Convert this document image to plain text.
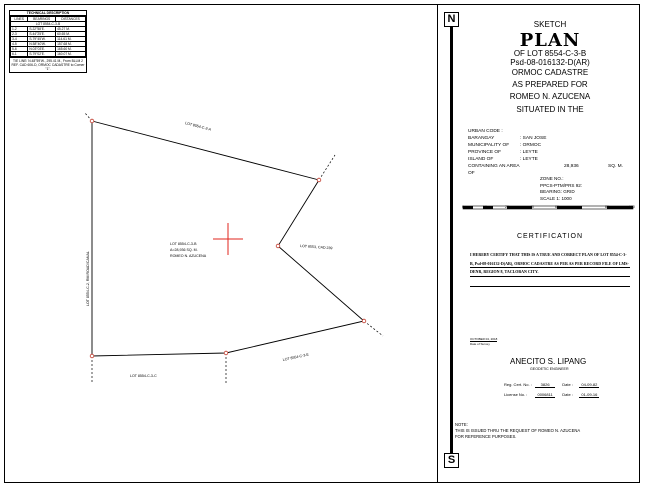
TECHNICAL DESCRIPTION
LINES	BEARINGS	DISTANCES
LOT 8554-C-3-B		
1-2	S.22°58'E.	45.27 M.
2-3	S.44°25'E.	60.65 M.
3-4	S.79°45'W.	114.61 M.
4-5	N.58°40'W.	157.68 M.
5-6	N.03°03'E.	165.60 M.
6-1	S.79°02'E.	160.07 M.
TIE LINE: N.48°59'W., 295.41 M., From BLLM 2 REF. CAD 606-D, ORMOC CADASTRE to Corner "1".
LOT 8554-C-3-B
A=28,936 SQ. M.
ROMEO N. AZUCENA
LOT 8554-C-3-A
LOT 8553, CAD 239
LOT 8554-C-2, RM ROAD/CANAL
LOT 8554-C-3-C
LOT 8554-C-3-E
N
S
SKETCH
PLAN
OF LOT 8554-C-3-B
Psd-08-016132-D(AR)
ORMOC CADASTRE
AS PREPARED FOR
ROMEO N. AZUCENA
SITUATED IN THE
URBAN CODE :
BARANGAY	: SAN JOSE
MUNICIPALITY OF	: ORMOC
PROVINCE OF	: LEYTE
ISLAND OF	: LEYTE
CONTAINING AN AREA OF
28,936	SQ. M.
ZONE NO.:
PPCS-PTM/PRS 92:
BEARING: GRID
SCALE 1: 1000
0	10	20	40	60	80	100
CERTIFICATION
I HEREBY CERTIFY THAT THIS IS A TRUE AND CORRECT PLAN OF LOT 8554-C-3-B, Psd-08-016132-D(AR), ORMOC CADASTRE AS PER AS PER RECORD FILE OF LMS-DENR, REGION 8, TACLOBAN CITY.
OCTOBER 04, 2018
Date of Survey
ANECITO S. LIPANG
GEODETIC ENGINEER
Reg. Cert. No. : 3826	Date : 04-09-82
License No. :	0006811 Date : 01-09-16
NOTE:
THIS IS ISSUED THRU THE REQUEST OF ROMEO N. AZUCENA
FOR REFERENCE PURPOSES.
